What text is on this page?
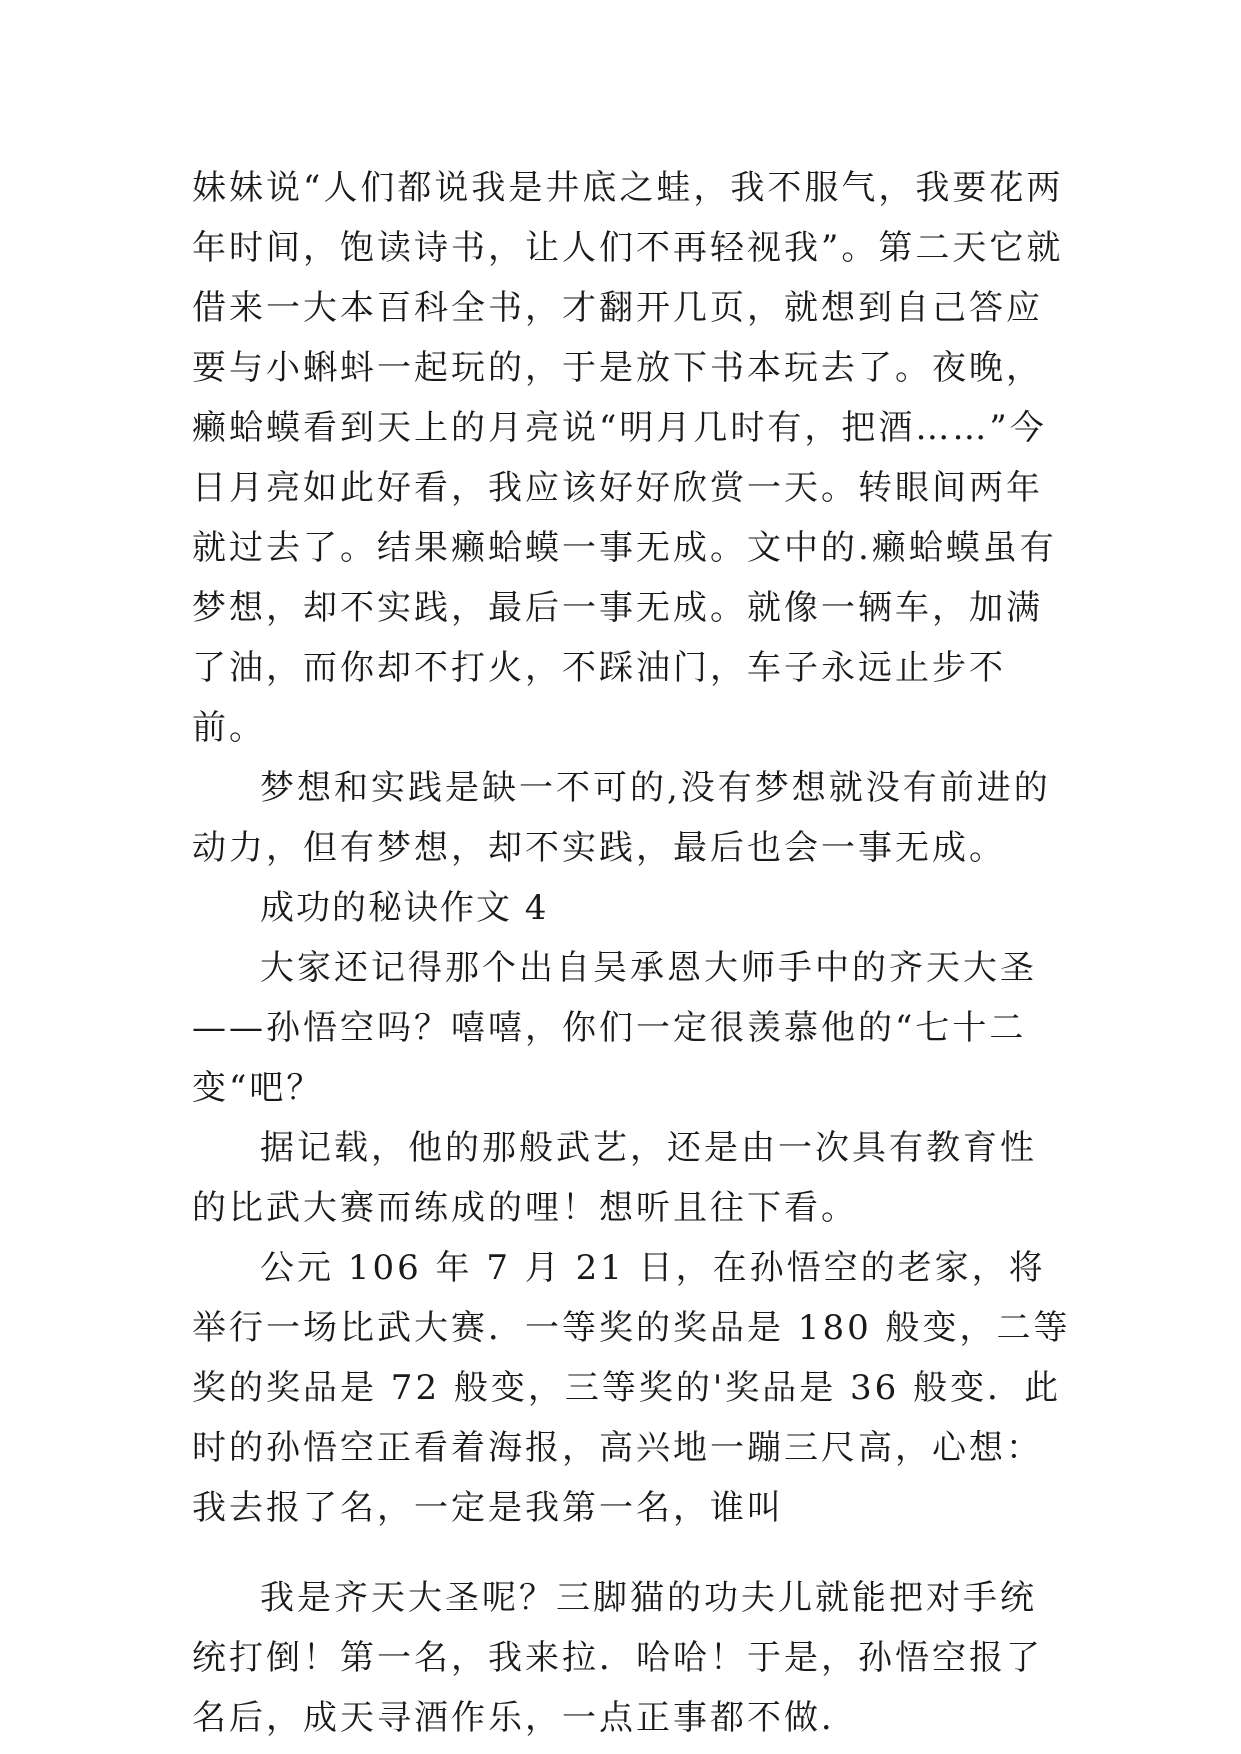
妹妹说“人们都说我是井底之蛙，我不服气，我要花两年时间，饱读诗书，让人们不再轻视我”。第二天它就借来一大本百科全书，才翻开几页，就想到自己答应要与小蝌蚪一起玩的，于是放下书本玩去了。夜晚，癞蛤蟆看到天上的月亮说“明月几时有，把酒……”今日月亮如此好看，我应该好好欣赏一天。转眼间两年就过去了。结果癞蛤蟆一事无成。文中的.癞蛤蟆虽有梦想，却不实践，最后一事无成。就像一辆车，加满了油，而你却不打火，不踩油门，车子永远止步不前。

梦想和实践是缺一不可的,没有梦想就没有前进的动力，但有梦想，却不实践，最后也会一事无成。

成功的秘诀作文 4

大家还记得那个出自吴承恩大师手中的齐天大圣——孙悟空吗？嘻嘻，你们一定很羡慕他的“七十二变“吧？

据记载，他的那般武艺，还是由一次具有教育性的比武大赛而练成的哩！想听且往下看。

公元 106 年 7 月 21 日，在孙悟空的老家，将举行一场比武大赛．一等奖的奖品是 180 般变，二等奖的奖品是 72 般变，三等奖的'奖品是 36 般变．此时的孙悟空正看着海报，高兴地一蹦三尺高，心想：我去报了名，一定是我第一名，谁叫

我是齐天大圣呢？三脚猫的功夫儿就能把对手统统打倒！第一名，我来拉．哈哈！于是，孙悟空报了名后，成天寻酒作乐，一点正事都不做．
